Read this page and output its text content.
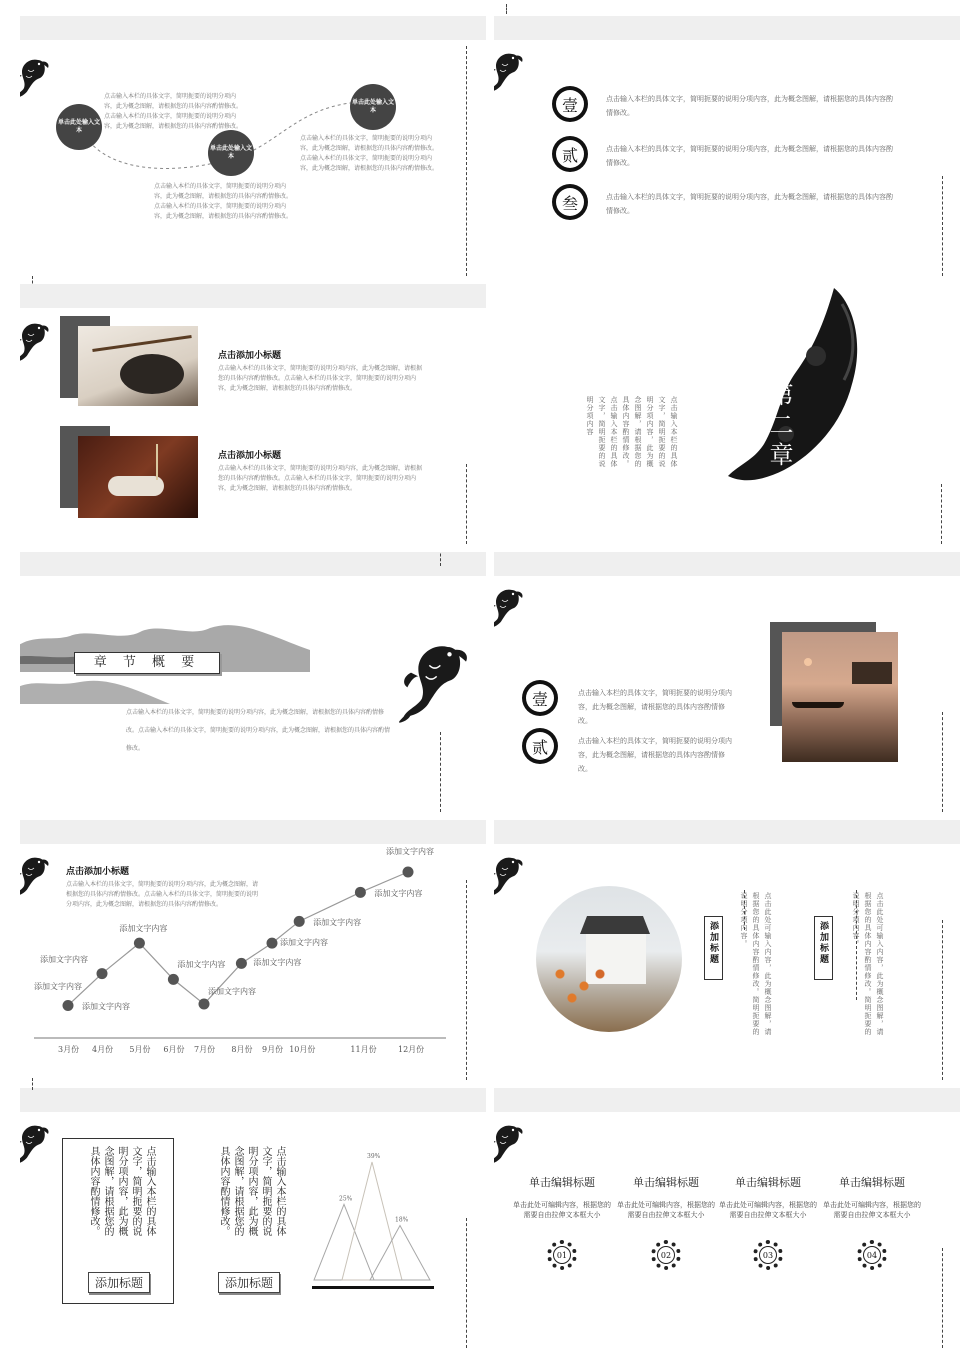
单击此处输入文本
单击此处输入文本
单击此处输入文本
点击输入本栏的具体文字，简明扼要的说明分项内容，此为概念图解，请根据您的具体内容酌情修改。点击输入本栏的具体文字，简明扼要的说明分项内容，此为概念图解，请根据您的具体内容酌情修改。
点击输入本栏的具体文字，简明扼要的说明分项内容，此为概念图解，请根据您的具体内容酌情修改。点击输入本栏的具体文字，简明扼要的说明分项内容，此为概念图解，请根据您的具体内容酌情修改。
点击输入本栏的具体文字，简明扼要的说明分项内容，此为概念图解，请根据您的具体内容酌情修改。点击输入本栏的具体文字，简明扼要的说明分项内容，此为概念图解，请根据您的具体内容酌情修改。
壹	点击输入本栏的具体文字，简明扼要的说明分项内容，此为概念图解，请根据您的具体内容酌情修改。
贰	点击输入本栏的具体文字，简明扼要的说明分项内容，此为概念图解，请根据您的具体内容酌情修改。
叁	点击输入本栏的具体文字，简明扼要的说明分项内容，此为概念图解，请根据您的具体内容酌情修改。
点击添加小标题
点击输入本栏的具体文字，简明扼要的说明分项内容，此为概念图解，请根据您的具体内容酌情修改。点击输入本栏的具体文字，简明扼要的说明分项内容，此为概念图解，请根据您的具体内容酌情修改。
点击添加小标题
点击输入本栏的具体文字，简明扼要的说明分项内容，此为概念图解，请根据您的具体内容酌情修改。点击输入本栏的具体文字，简明扼要的说明分项内容，此为概念图解，请根据您的具体内容酌情修改。
第二章
点击输入本栏的具体文字，简明扼要的说明分项内容，此为概念图解，请根据您的具体内容酌情修改。点击输入本栏的具体文字，简明扼要的说明分项内容
章 节 概 要
点击输入本栏的具体文字，简明扼要的说明分项内容，此为概念图解，请根据您的具体内容酌情修改。点击输入本栏的具体文字，简明扼要的说明分项内容，此为概念图解，请根据您的具体内容酌情修改。
壹	点击输入本栏的具体文字，简明扼要的说明分项内容，此为概念图解，请根据您的具体内容酌情修改。
贰	点击输入本栏的具体文字，简明扼要的说明分项内容，此为概念图解，请根据您的具体内容酌情修改。
点击添加小标题
点击输入本栏的具体文字，简明扼要的说明分项内容，此为概念图解，请根据您的具体内容酌情修改。点击输入本栏的具体文字，简明扼要的说明分项内容，此为概念图解，请根据您的具体内容酌情修改。
3月份 4月份 5月份 6月份 7月份 8月份 9月份 10月份	11月份	12月份
添加文字内容
添加文字内容
添加文字内容
添加文字内容
添加文字内容
添加文字内容
添加文字内容
添加文字内容
添加文字内容
添加文字内容
添加文字内容
添加标题	点击此处可输入内容，此为概念图解，请根据您的具体内容酌情修改。简明扼要的说明分项内容。	添加标题	点击此处可输入内容，此为概念图解，请根据您的具体内容酌情修改。简明扼要的说明分项内容。
点击输入本栏的具体文字，简明扼要的说明分项内容，此为概念图解，请根据您的具体内容酌情修改。
添加标题
点击输入本栏的具体文字，简明扼要的说明分项内容，此为概念图解，请根据您的具体内容酌情修改。
添加标题
25%
39%
18%
单击编辑标题
单击此处可编辑内容，根据您的需要自由拉伸文本框大小
01
单击编辑标题
单击此处可编辑内容，根据您的需要自由拉伸文本框大小
02
单击编辑标题
单击此处可编辑内容，根据您的需要自由拉伸文本框大小
03
单击编辑标题
单击此处可编辑内容，根据您的需要自由拉伸文本框大小
04
